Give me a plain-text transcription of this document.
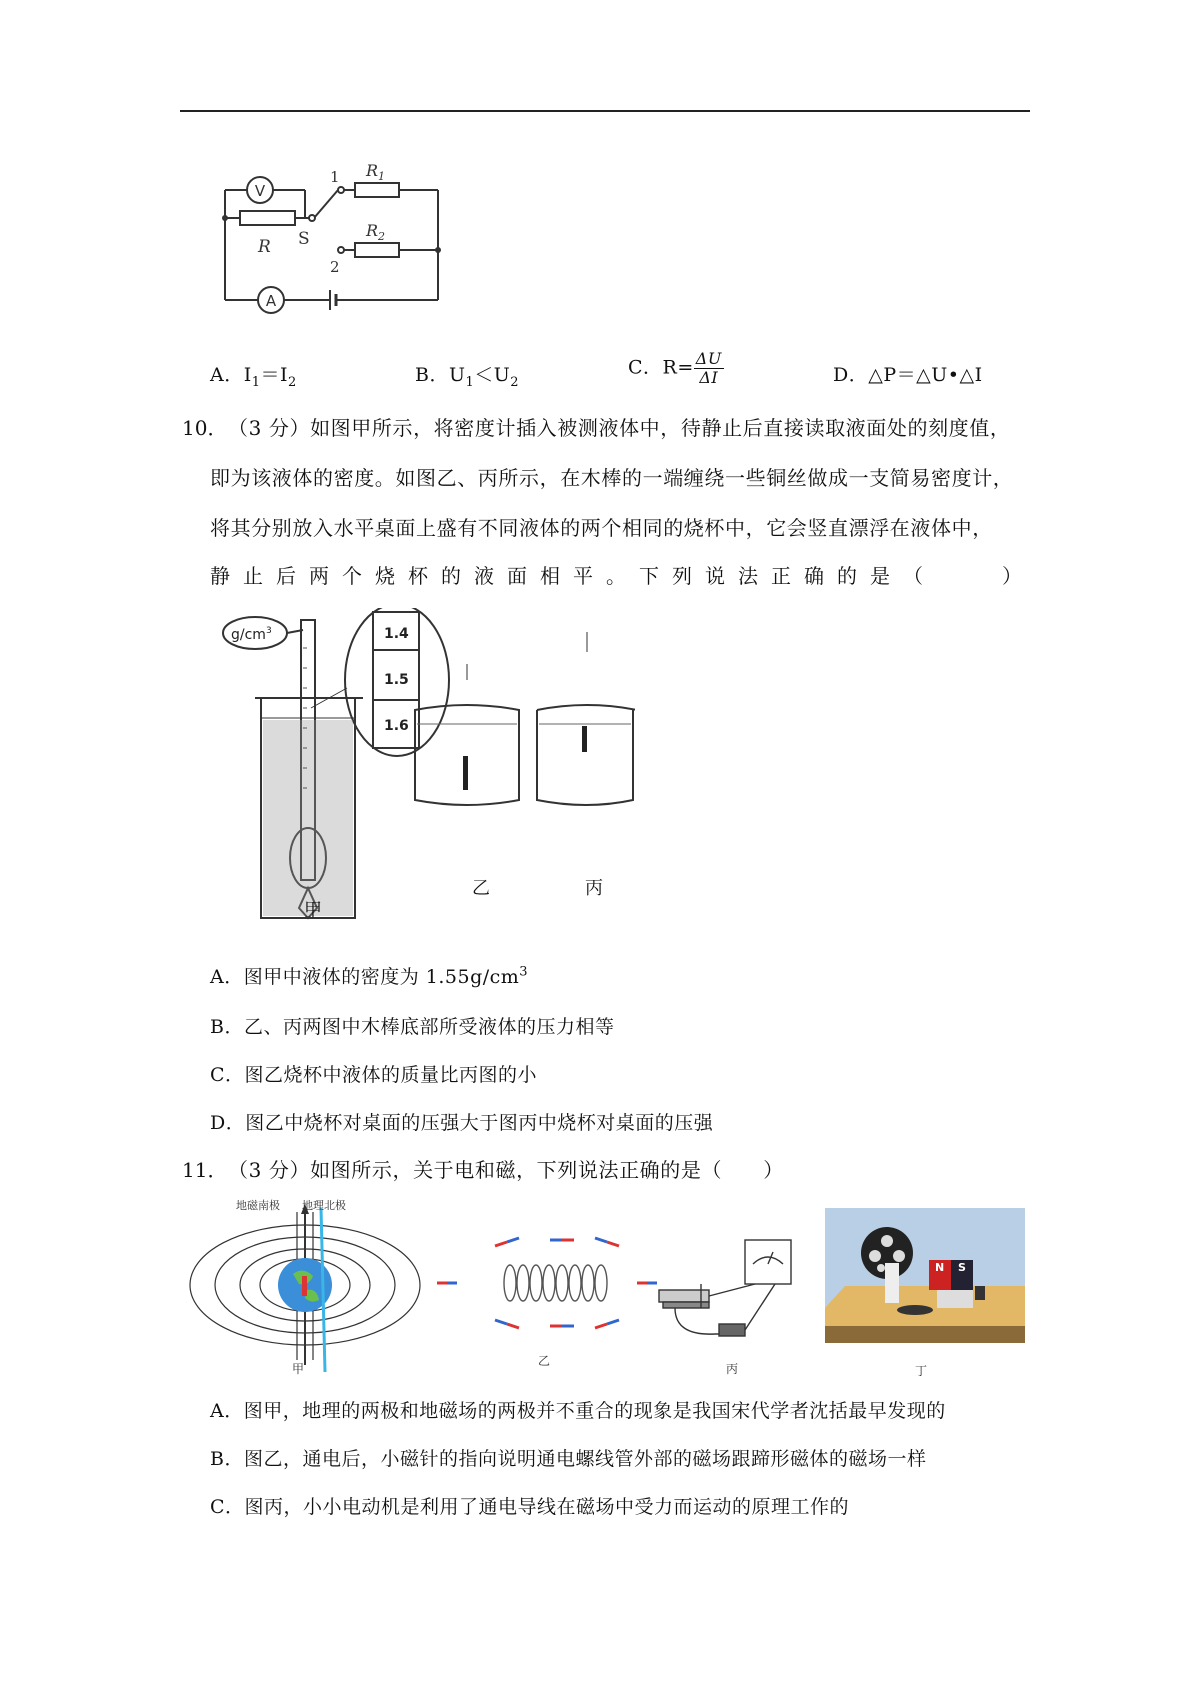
V
A
R S
1
2
$R_1$
$R_2$
A．$I_1=I_2$	B．$U_1<U_2$
C．$R= \frac{\Delta U}{\Delta I}$	D．△P＝△U•△I
10． （3 分）如图甲所示，将密度计插入被测液体中，待静止后直接读取液面处的刻度值，
即为该液体的密度。如图乙、丙所示，在木棒的一端缠绕一些铜丝做成一支简易密度计，
将其分别放入水平桌面上盛有不同液体的两个相同的烧杯中，它会竖直漂浮在液体中，
静止后两个烧杯的液面相平。下列说法正确的是（　　）
$g/cm^3$	1.4
1.5
1.6
甲
乙	丙
A．图甲中液体的密度为 $1.55g/cm^3$
B．乙、丙两图中木棒底部所受液体的压力相等
C．图乙烧杯中液体的质量比丙图的小
D．图乙中烧杯对桌面的压强大于图丙中烧杯对桌面的压强
11． （3 分）如图所示，关于电和磁，下列说法正确的是（　　）
地磁南极 地理北极
N S
甲
乙
丙	丁
A．图甲，地理的两极和地磁场的两极并不重合的现象是我国宋代学者沈括最早发现的
B．图乙，通电后，小磁针的指向说明通电螺线管外部的磁场跟蹄形磁体的磁场一样
C．图丙，小小电动机是利用了通电导线在磁场中受力而运动的原理工作的
